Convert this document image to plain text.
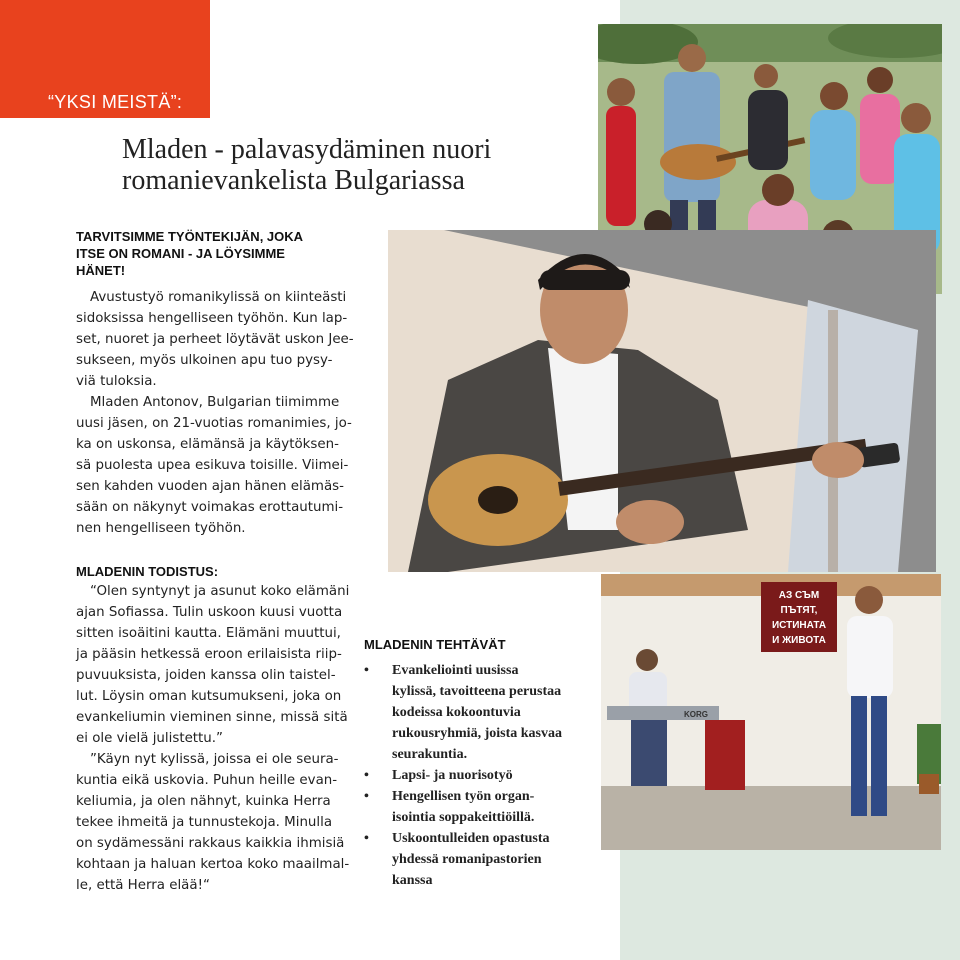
“YKSI MEISTÄ”:
Mladen - palavasydäminen nuori
romanievankelista Bulgariassa
TARVITSIMME TYÖNTEKIJÄN, JOKA
ITSE ON ROMANI - JA LÖYSIMME
HÄNET!

Avustustyö romanikylissä on kiinteästi
sidoksissa hengelliseen työhön. Kun lap-
set, nuoret ja perheet löytävät uskon Jee-
sukseen, myös ulkoinen apu tuo pysy-
viä tuloksia.

Mladen Antonov, Bulgarian tiimimme
uusi jäsen, on 21-vuotias romanimies, jo-
ka on uskonsa, elämänsä ja käytöksen-
sä puolesta upea esikuva toisille. Viimei-
sen kahden vuoden ajan hänen elämäs-
sään on näkynyt voimakas erottautumi-
nen hengelliseen työhön.

MLADENIN TODISTUS:

“Olen syntynyt ja asunut koko elämäni
ajan Sofiassa. Tulin uskoon kuusi vuotta
sitten isoäitini kautta. Elämäni muuttui,
ja pääsin hetkessä eroon erilaisista riip-
puvuuksista, joiden kanssa olin taistel-
lut. Löysin oman kutsumukseni, joka on
evankeliumin vieminen sinne, missä sitä
ei ole vielä julistettu.”

”Käyn nyt kylissä, joissa ei ole seura-
kuntia eikä uskovia. Puhun heille evan-
keliumia, ja olen nähnyt, kuinka Herra
tekee ihmeitä ja tunnustekoja. Minulla
on sydämessäni rakkaus kaikkia ihmisiä
kohtaan ja haluan kertoa koko maailmal-
le, että Herra elää!“

АЗ СЪМ
ПЪТЯТ,
ИСТИНАТА
И ЖИВОТА
KORG
MLADENIN TEHTÄVÄT
• Evankeliointi uusissa
kylissä, tavoitteena perustaa
kodeissa kokoontuvia
rukousryhmiä, joista kasvaa
seurakuntia.
• Lapsi- ja nuorisotyö
• Hengellisen työn organ-
isointia soppakeittiöillä.
• Uskoontulleiden opastusta
yhdessä romanipastorien
kanssa
